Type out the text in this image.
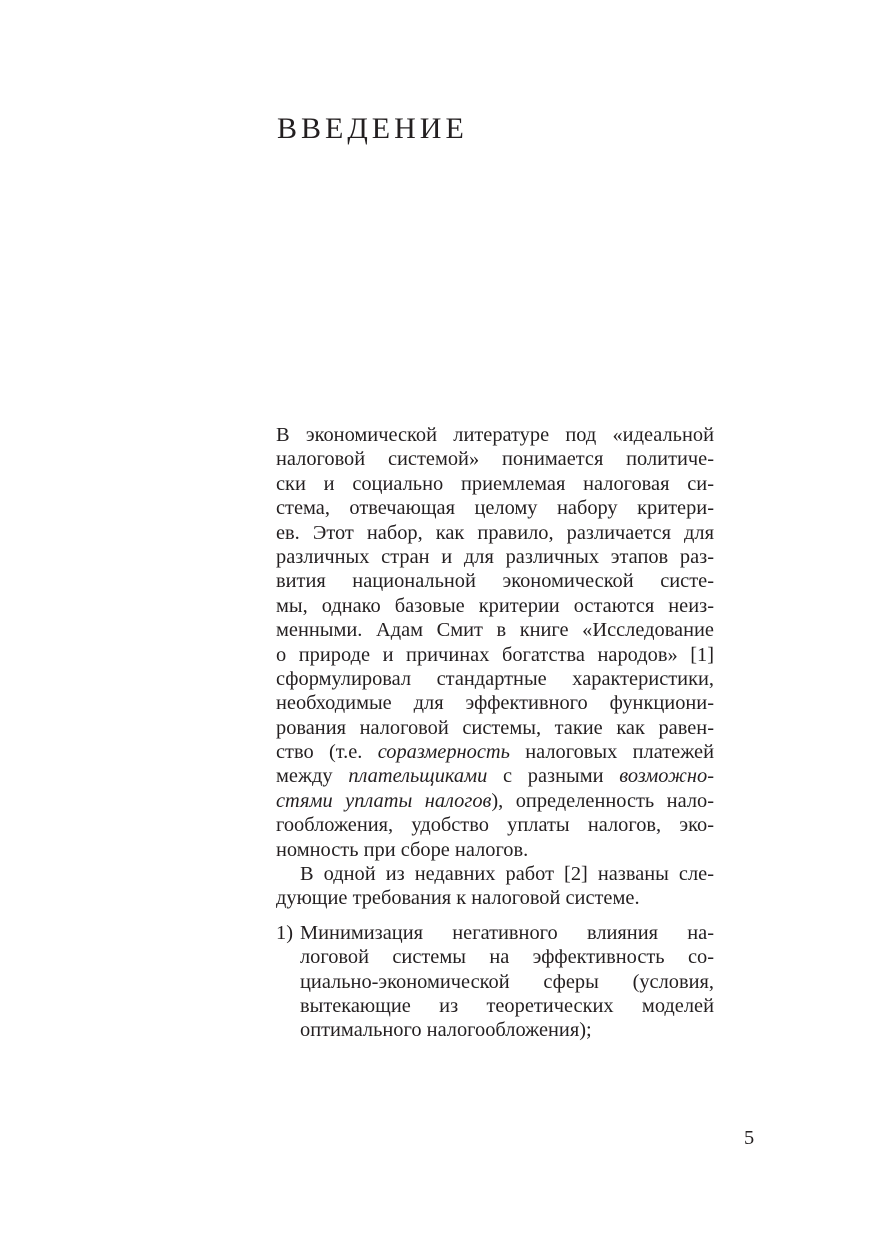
ВВЕДЕНИЕ
В экономической литературе под «идеальной
налоговой системой» понимается политиче-
ски и социально приемлемая налоговая си-
стема, отвечающая целому набору критери-
ев. Этот набор, как правило, различается для
различных стран и для различных этапов раз-
вития национальной экономической систе-
мы, однако базовые критерии остаются неиз-
менными. Адам Смит в книге «Исследование
о природе и причинах богатства народов» [1]
сформулировал стандартные характеристики,
необходимые для эффективного функциони-
рования налоговой системы, такие как равен-
ство (т.е. соразмерность налоговых платежей
между плательщиками с разными возможно-
стями уплаты налогов), определенность нало-
гообложения, удобство уплаты налогов, эко-
номность при сборе налогов.
В одной из недавних работ [2] названы сле-
дующие требования к налоговой системе.
1) Минимизация негативного влияния на-
логовой системы на эффективность со-
циально-экономической сферы (условия,
вытекающие из теоретических моделей
оптимального налогообложения);
5
